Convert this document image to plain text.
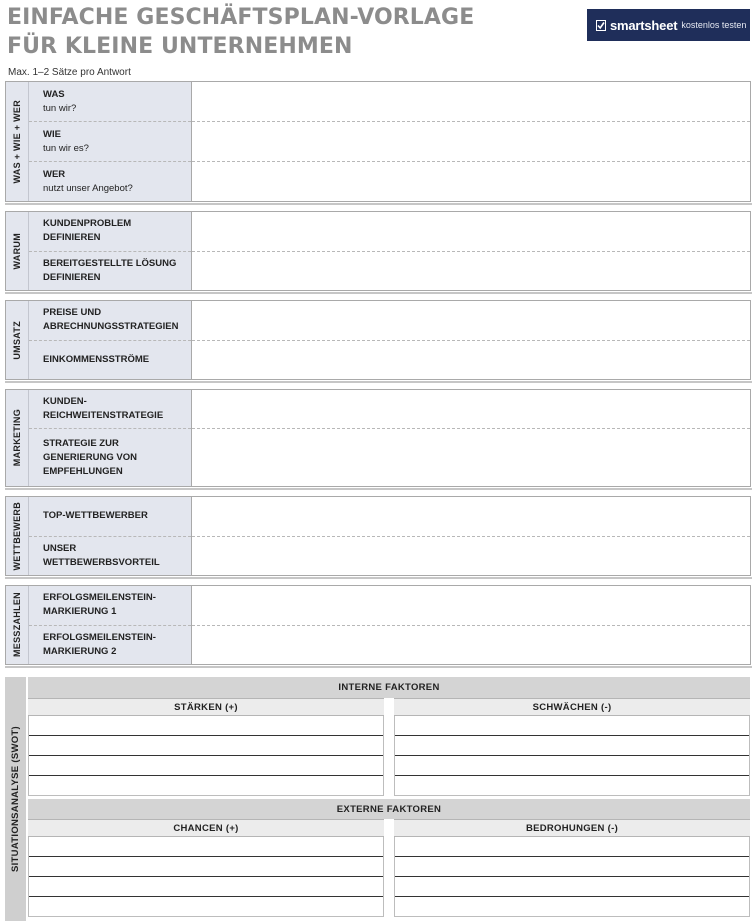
EINFACHE GESCHÄFTSPLAN-VORLAGE
FÜR KLEINE UNTERNEHMEN
Max. 1–2 Sätze pro Antwort
smartsheet kostenlos testen
WAS + WIE + WER
WAS
tun wir?
WIE
tun wir es?
WER
nutzt unser Angebot?
WARUM
KUNDENPROBLEM
DEFINIEREN
BEREITGESTELLTE LÖSUNG
DEFINIEREN
UMSATZ
PREISE UND
ABRECHNUNGSSTRATEGIEN
EINKOMMENSSTRÖME
MARKETING
KUNDEN-
REICHWEITENSTRATEGIE
STRATEGIE ZUR
GENERIERUNG VON
EMPFEHLUNGEN
WETTBEWERB TOP-WETTBEWERBER
UNSER WETTBEWERBSVORTEIL
MESSZAHLEN ERFOLGSMEILENSTEIN-
MARKIERUNG 1
ERFOLGSMEILENSTEIN-
MARKIERUNG 2
SITUATIONSANALYSE (SWOT)
INTERNE FAKTOREN
STÄRKEN (+)	SCHWÄCHEN (-)
EXTERNE FAKTOREN
CHANCEN (+)	BEDROHUNGEN (-)
